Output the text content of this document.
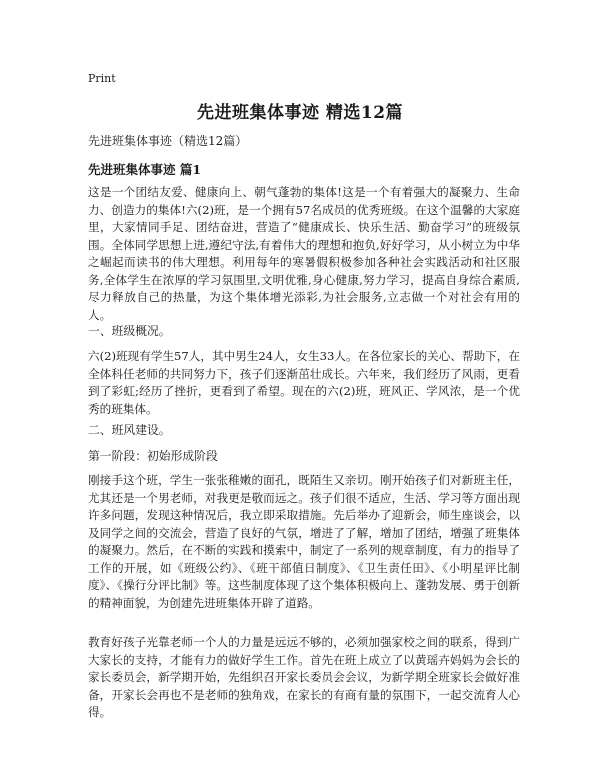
Print
先进班集体事迹 精选12篇
先进班集体事迹（精选12篇）
先进班集体事迹 篇1
这是一个团结友爱、健康向上、朝气蓬勃的集体!这是一个有着强大的凝聚力、生命力、创造力的集体!六(2)班，是一个拥有57名成员的优秀班级。在这个温馨的大家庭里，大家情同手足、团结奋进，营造了“健康成长、快乐生活、勤奋学习”的班级氛围。全体同学思想上进,遵纪守法,有着伟大的理想和抱负,好好学习，从小树立为中华之崛起而读书的伟大理想。利用每年的寒暑假积极参加各种社会实践活动和社区服务,全体学生在浓厚的学习氛围里,文明优雅,身心健康,努力学习，提高自身综合素质,尽力释放自己的热量，为这个集体增光添彩,为社会服务,立志做一个对社会有用的人。
一、班级概况。
六(2)班现有学生57人，其中男生24人，女生33人。在各位家长的关心、帮助下，在全体科任老师的共同努力下，孩子们逐渐茁壮成长。六年来，我们经历了风雨，更看到了彩虹;经历了挫折，更看到了希望。现在的六(2)班，班风正、学风浓，是一个优秀的班集体。
二、班风建设。
第一阶段：初始形成阶段
刚接手这个班，学生一张张稚嫩的面孔，既陌生又亲切。刚开始孩子们对新班主任，尤其还是一个男老师，对我更是敬而远之。孩子们很不适应，生活、学习等方面出现许多问题，发现这种情况后，我立即采取措施。先后举办了迎新会，师生座谈会，以及同学之间的交流会，营造了良好的气氛，增进了了解，增加了团结，增强了班集体的凝聚力。然后，在不断的实践和摸索中，制定了一系列的规章制度，有力的指导了工作的开展，如《班级公约》、《班干部值日制度》、《卫生责任田》、《小明星评比制度》、《操行分评比制》等。这些制度体现了这个集体积极向上、蓬勃发展、勇于创新的精神面貌，为创建先进班集体开辟了道路。
教育好孩子光靠老师一个人的力量是远远不够的，必须加强家校之间的联系，得到广大家长的支持，才能有力的做好学生工作。首先在班上成立了以黄瑶卉妈妈为会长的家长委员会，新学期开始，先组织召开家长委员会会议，为新学期全班家长会做好准备，开家长会再也不是老师的独角戏，在家长的有商有量的氛围下，一起交流育人心得。
